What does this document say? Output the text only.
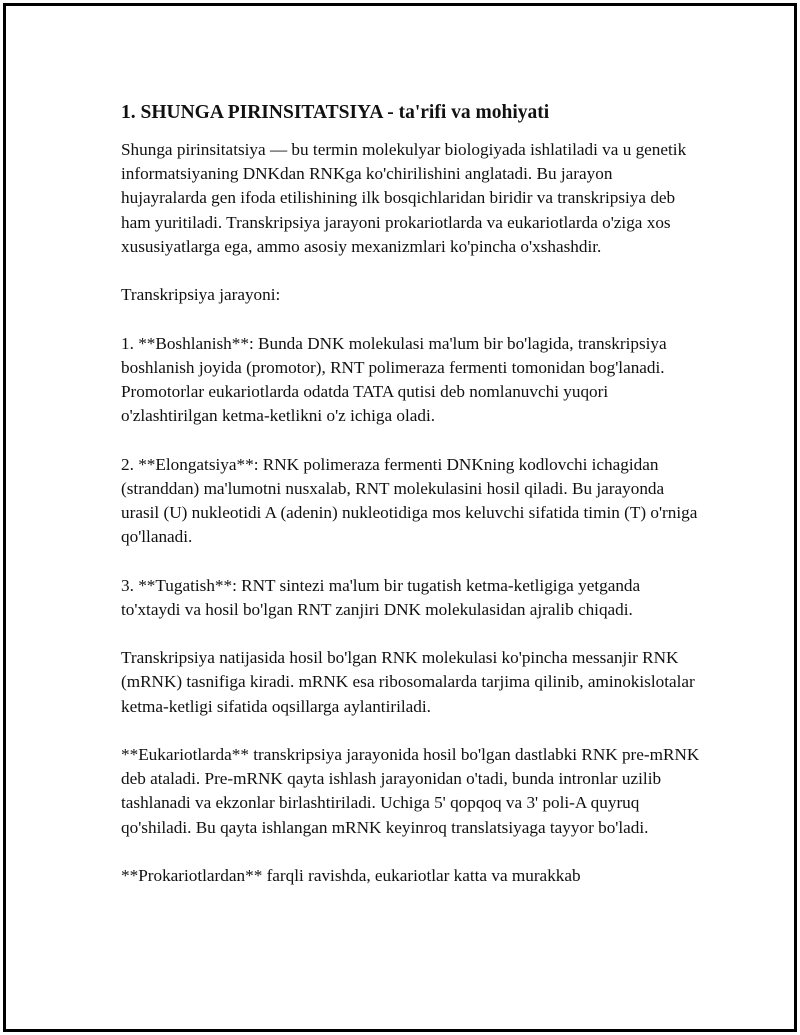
1. SHUNGA PIRINSITATSIYA - ta'rifi va mohiyati

Shunga pirinsitatsiya — bu termin molekulyar biologiyada ishlatiladi va u genetik informatsiyaning DNKdan RNKga ko'chirilishini anglatadi. Bu jarayon hujayralarda gen ifoda etilishining ilk bosqichlaridan biridir va transkripsiya deb ham yuritiladi. Transkripsiya jarayoni prokariotlarda va eukariotlarda o'ziga xos xususiyatlarga ega, ammo asosiy mexanizmlari ko'pincha o'xshashdir.

Transkripsiya jarayoni:

1. **Boshlanish**: Bunda DNK molekulasi ma'lum bir bo'lagida, transkripsiya boshlanish joyida (promotor), RNT polimeraza fermenti tomonidan bog'lanadi. Promotorlar eukariotlarda odatda TATA qutisi deb nomlanuvchi yuqori o'zlashtirilgan ketma-ketlikni o'z ichiga oladi.

2. **Elongatsiya**: RNK polimeraza fermenti DNKning kodlovchi ichagidan (stranddan) ma'lumotni nusxalab, RNT molekulasini hosil qiladi. Bu jarayonda urasil (U) nukleotidi A (adenin) nukleotidiga mos keluvchi sifatida timin (T) o'rniga qo'llanadi.

3. **Tugatish**: RNT sintezi ma'lum bir tugatish ketma-ketligiga yetganda to'xtaydi va hosil bo'lgan RNT zanjiri DNK molekulasidan ajralib chiqadi.

Transkripsiya natijasida hosil bo'lgan RNK molekulasi ko'pincha messanjir RNK (mRNK) tasnifiga kiradi. mRNK esa ribosomalarda tarjima qilinib, aminokislotalar ketma-ketligi sifatida oqsillarga aylantiriladi.

**Eukariotlarda** transkripsiya jarayonida hosil bo'lgan dastlabki RNK pre-mRNK deb ataladi. Pre-mRNK qayta ishlash jarayonidan o'tadi, bunda intronlar uzilib tashlanadi va ekzonlar birlashtiriladi. Uchiga 5' qopqoq va 3' poli-A quyruq qo'shiladi. Bu qayta ishlangan mRNK keyinroq translatsiyaga tayyor bo'ladi.

**Prokariotlardan** farqli ravishda, eukariotlar katta va murakkab
